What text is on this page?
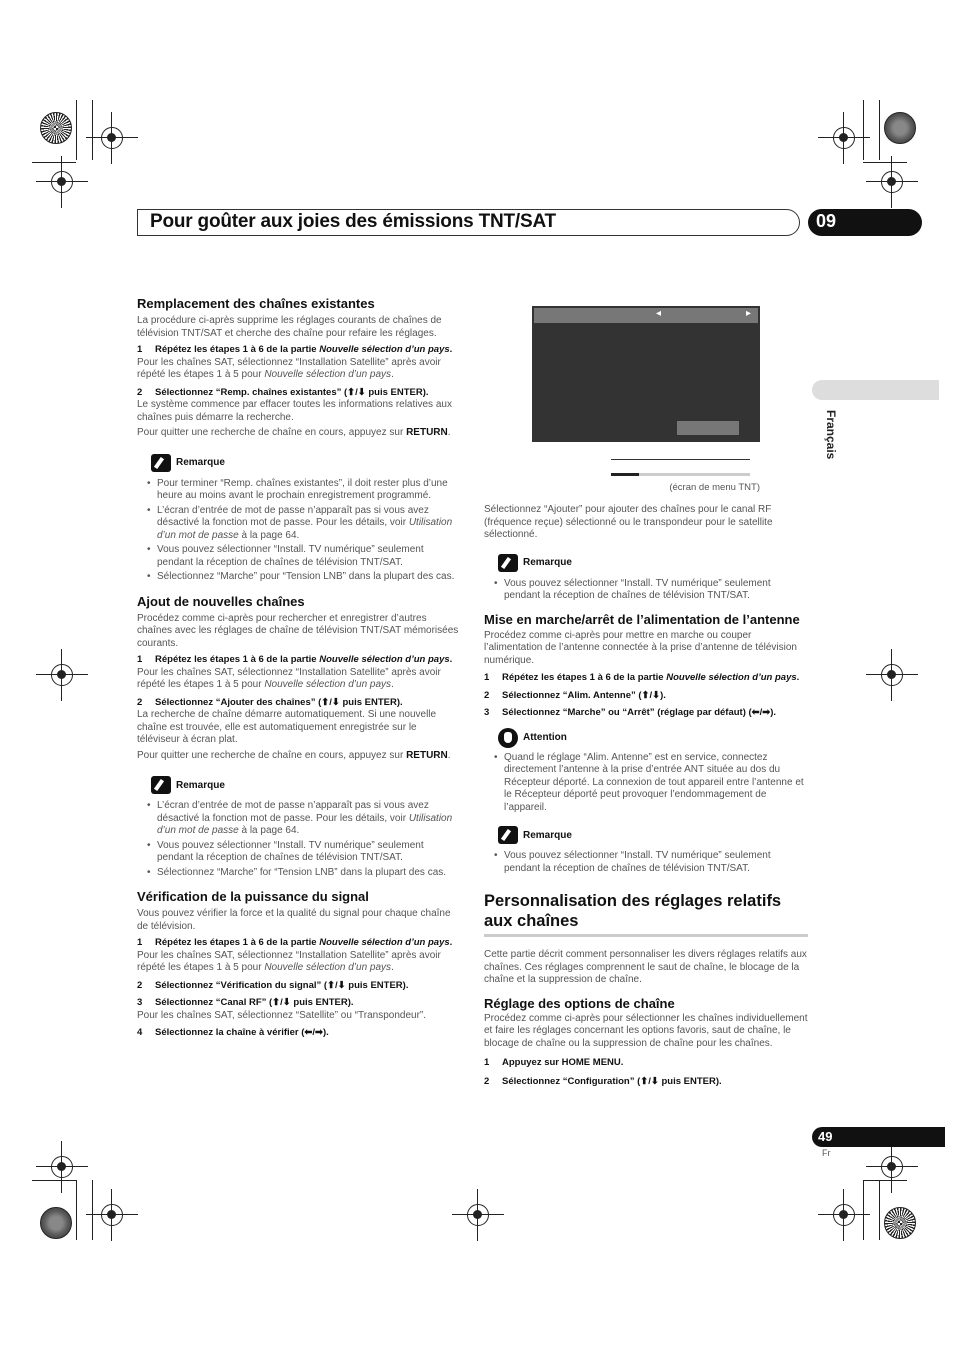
Pour goûter aux joies des émissions TNT/SAT	09
Français
Remplacement des chaînes existantes
La procédure ci-après supprime les réglages courants de chaînes de télévision TNT/SAT et cherche des chaîne pour refaire les réglages.
1 Répétez les étapes 1 à 6 de la partie Nouvelle sélection d’un pays.
Pour les chaînes SAT, sélectionnez “Installation Satellite” après avoir répété les étapes 1 à 5 pour Nouvelle sélection d’un pays.
2 Sélectionnez “Remp. chaînes existantes” (⬆/⬇ puis ENTER).
Le système commence par effacer toutes les informations relatives aux chaînes puis démarre la recherche.
Pour quitter une recherche de chaîne en cours, appuyez sur RETURN.
Remarque
• Pour terminer “Remp. chaînes existantes”, il doit rester plus d’une heure au moins avant le prochain enregistrement programmé.
• L’écran d’entrée de mot de passe n’apparaît pas si vous avez désactivé la fonction mot de passe. Pour les détails, voir Utilisation d’un mot de passe à la page 64.
• Vous pouvez sélectionner “Install. TV numérique” seulement pendant la réception de chaînes de télévision TNT/SAT.
• Sélectionnez “Marche” pour “Tension LNB” dans la plupart des cas.
Ajout de nouvelles chaînes
Procédez comme ci-après pour rechercher et enregistrer d’autres chaînes avec les réglages de chaîne de télévision TNT/SAT mémorisées courants.
1 Répétez les étapes 1 à 6 de la partie Nouvelle sélection d’un pays.
Pour les chaînes SAT, sélectionnez “Installation Satellite” après avoir répété les étapes 1 à 5 pour Nouvelle sélection d’un pays.
2 Sélectionnez “Ajouter des chaînes” (⬆/⬇ puis ENTER).
La recherche de chaîne démarre automatiquement. Si une nouvelle chaîne est trouvée, elle est automatiquement enregistrée sur le téléviseur à écran plat.
Pour quitter une recherche de chaîne en cours, appuyez sur RETURN.
Remarque
• L’écran d’entrée de mot de passe n’apparaît pas si vous avez désactivé la fonction mot de passe. Pour les détails, voir Utilisation d’un mot de passe à la page 64.
• Vous pouvez sélectionner “Install. TV numérique” seulement pendant la réception de chaînes de télévision TNT/SAT.
• Sélectionnez “Marche” for “Tension LNB” dans la plupart des cas.
Vérification de la puissance du signal
Vous pouvez vérifier la force et la qualité du signal pour chaque chaîne de télévision.
1 Répétez les étapes 1 à 6 de la partie Nouvelle sélection d’un pays.
Pour les chaînes SAT, sélectionnez “Installation Satellite” après avoir répété les étapes 1 à 5 pour Nouvelle sélection d’un pays.
2 Sélectionnez “Vérification du signal” (⬆/⬇ puis ENTER).
3 Sélectionnez “Canal RF” (⬆/⬇ puis ENTER).
Pour les chaînes SAT, sélectionnez “Satellite” ou “Transpondeur”.
4 Sélectionnez la chaîne à vérifier (⬅/➡).
◂	▸
(écran de menu TNT)
Sélectionnez “Ajouter” pour ajouter des chaînes pour le canal RF (fréquence reçue) sélectionné ou le transpondeur pour le satellite sélectionné.
Remarque
• Vous pouvez sélectionner “Install. TV numérique” seulement pendant la réception de chaînes de télévision TNT/SAT.
Mise en marche/arrêt de l’alimentation de l’antenne
Procédez comme ci-après pour mettre en marche ou couper l’alimentation de l’antenne connectée à la prise d’antenne de télévision numérique.
1 Répétez les étapes 1 à 6 de la partie Nouvelle sélection d’un pays.
2 Sélectionnez “Alim. Antenne” (⬆/⬇).
3 Sélectionnez “Marche” ou “Arrêt” (réglage par défaut) (⬅/➡).
Attention
• Quand le réglage “Alim. Antenne” est en service, connectez directement l’antenne à la prise d’entrée ANT située au dos du Récepteur déporté. La connexion de tout appareil entre l’antenne et le Récepteur déporté peut provoquer l’endommagement de l’appareil.
Remarque
• Vous pouvez sélectionner “Install. TV numérique” seulement pendant la réception de chaînes de télévision TNT/SAT.
Personnalisation des réglages relatifs aux chaînes
Cette partie décrit comment personnaliser les divers réglages relatifs aux chaînes. Ces réglages comprennent le saut de chaîne, le blocage de la chaîne et la suppression de chaîne.
Réglage des options de chaîne
Procédez comme ci-après pour sélectionner les chaînes individuellement et faire les réglages concernant les options favoris, saut de chaîne, le blocage de chaîne ou la suppression de chaîne pour les chaînes.
1 Appuyez sur HOME MENU.
2 Sélectionnez “Configuration” (⬆/⬇ puis ENTER).
49
Fr
